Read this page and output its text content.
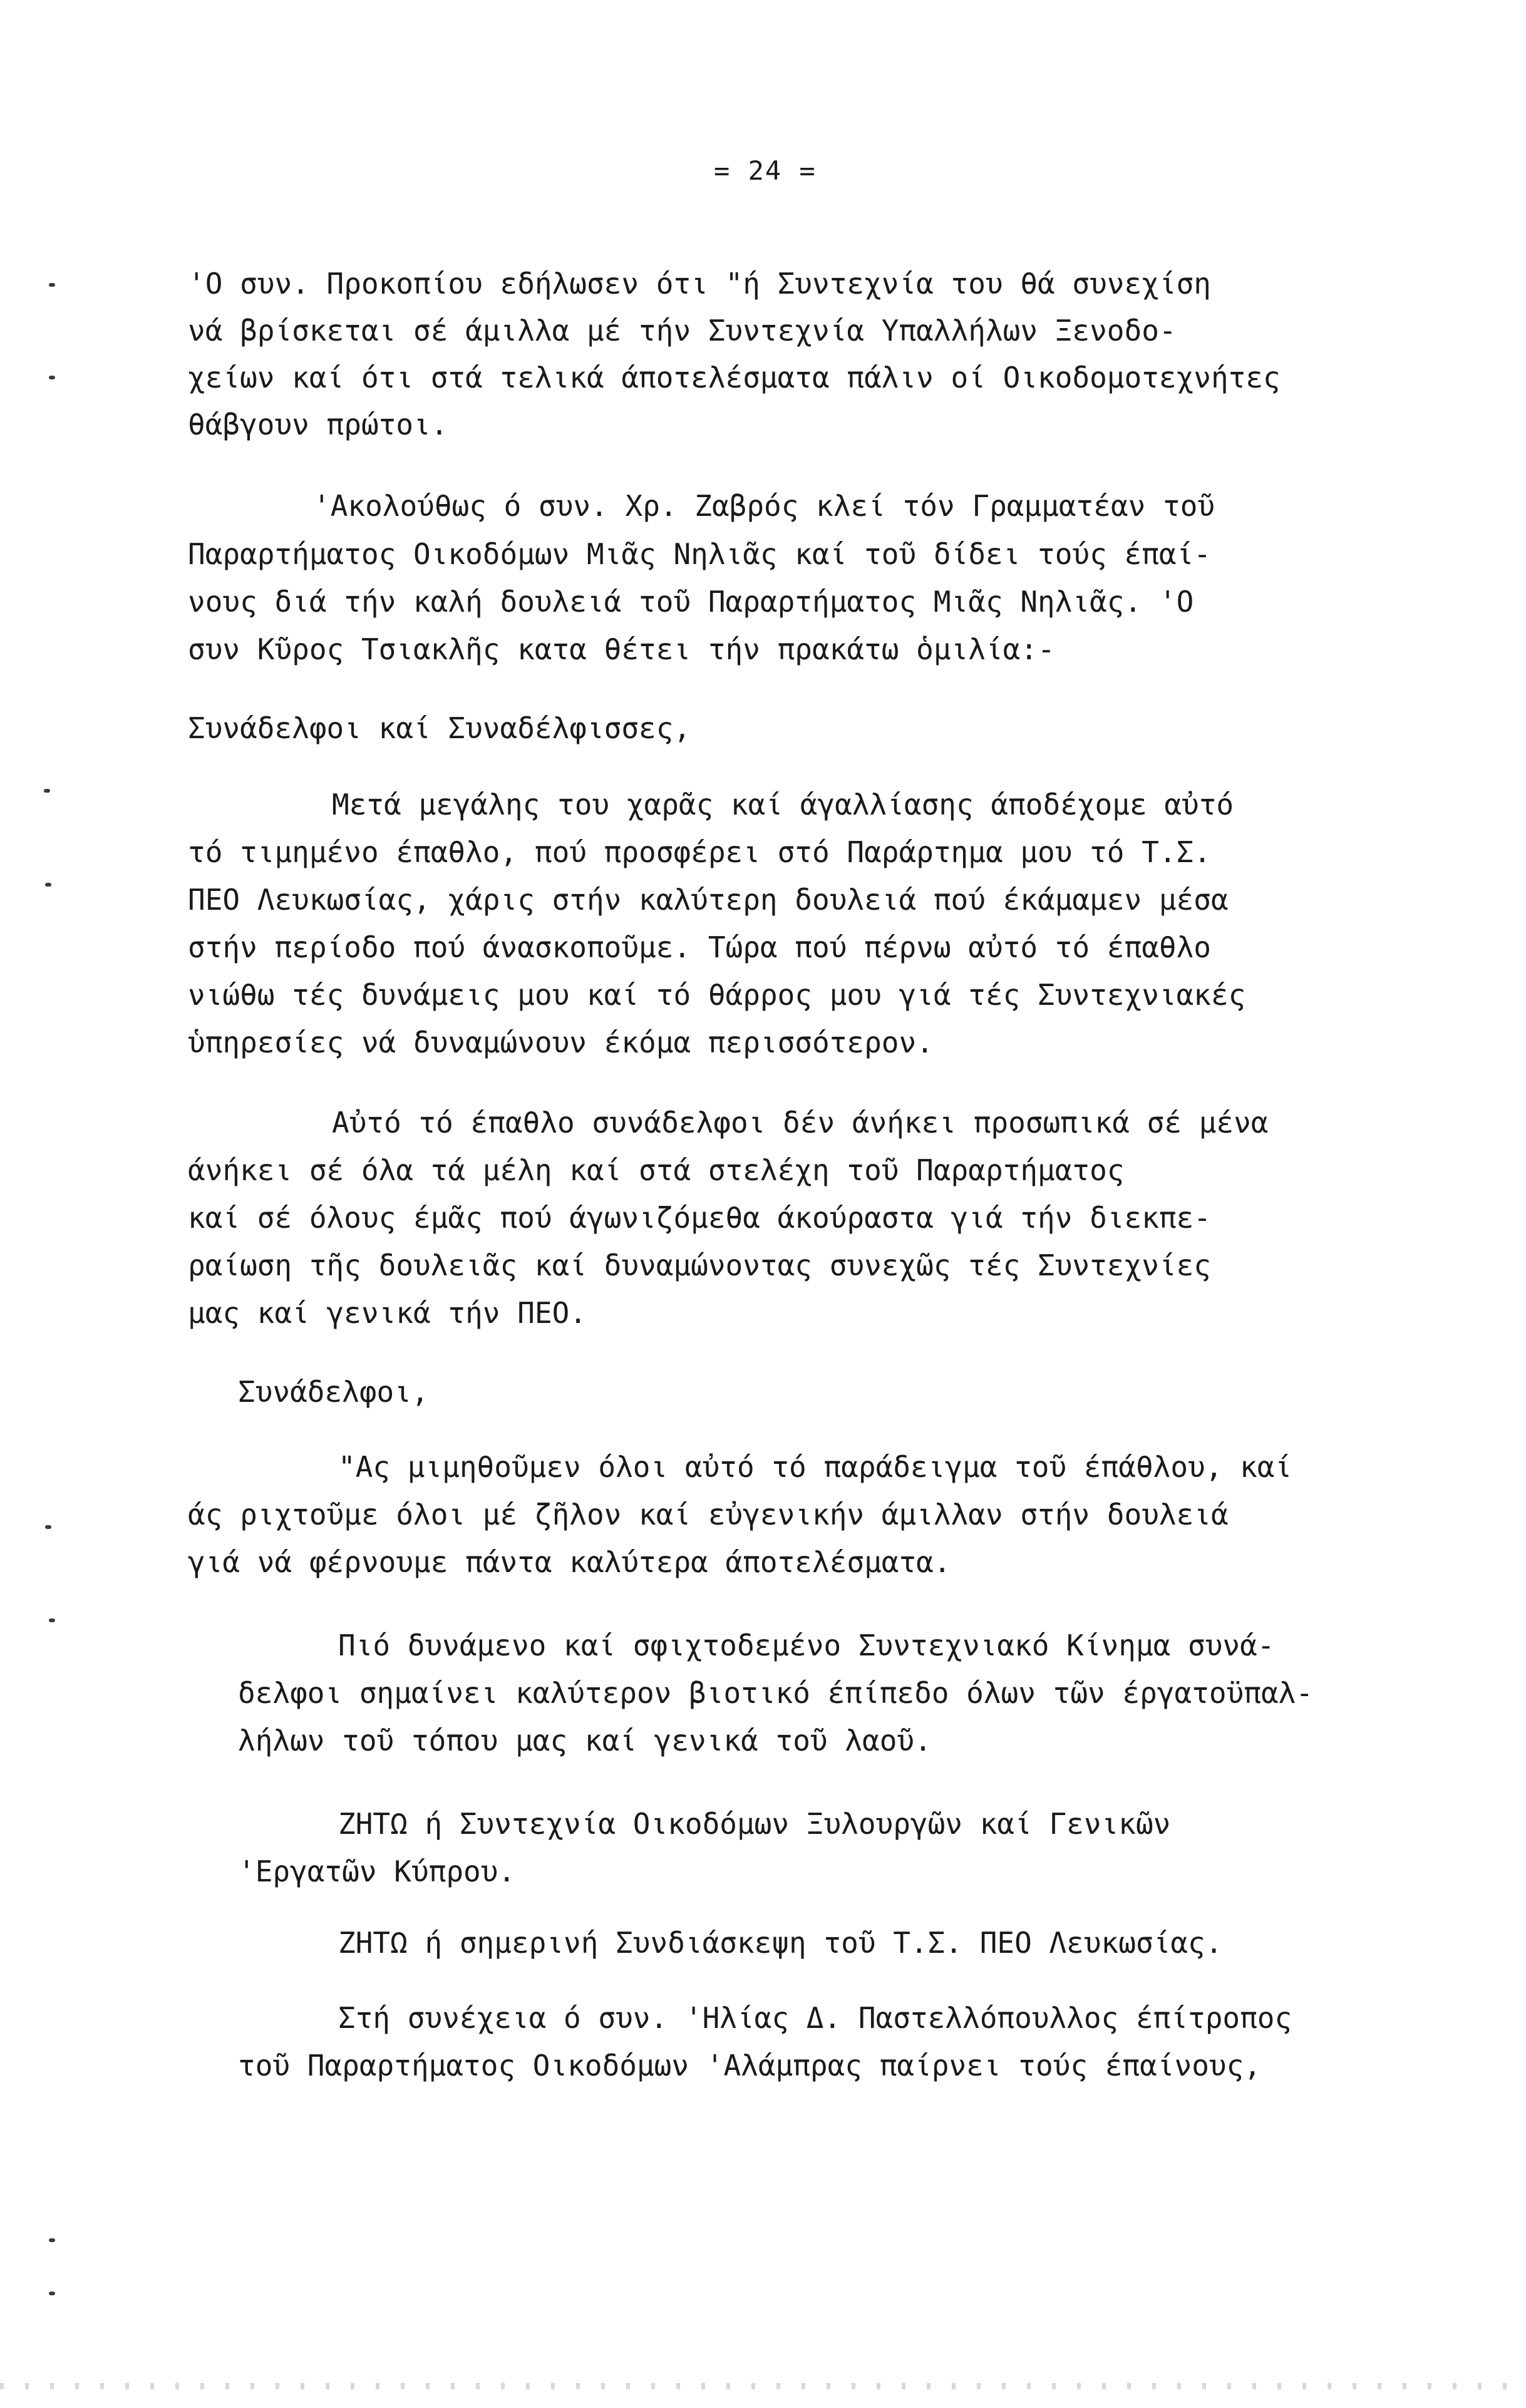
= 24 =
'Ο συν. Προκοπίου εδήλωσεν ότι "ή Συντεχνία του θά συνεχίση
νά βρίσκεται σέ άμιλλα μέ τήν Συντεχνία Υπαλλήλων Ξενοδο-
χείων καί ότι στά τελικά άποτελέσματα πάλιν οί Οικοδομοτεχνήτες
θάβγουν πρώτοι.
'Ακολούθως ό συν. Χρ. Ζαβρός κλεί τόν Γραμματέαν τοῦ
Παραρτήματος Οικοδόμων Μιᾶς Νηλιᾶς καί τοῦ δίδει τούς έπαί-
νους διά τήν καλή δουλειά τοῦ Παραρτήματος Μιᾶς Νηλιᾶς. 'Ο
συν Κῦρος Τσιακλῆς κατα θέτει τήν πρακάτω ὁμιλία:-
Συνάδελφοι καί Συναδέλφισσες,
Μετά μεγάλης του χαρᾶς καί άγαλλίασης άποδέχομε αὐτό
τό τιμημένο έπαθλο, πού προσφέρει στό Παράρτημα μου τό Τ.Σ.
ΠΕΟ Λευκωσίας, χάρις στήν καλύτερη δουλειά πού έκάμαμεν μέσα
στήν περίοδο πού άνασκοποῦμε. Τώρα πού πέρνω αὐτό τό έπαθλο
νιώθω τές δυνάμεις μου καί τό θάρρος μου γιά τές Συντεχνιακές
ὑπηρεσίες νά δυναμώνουν έκόμα περισσότερον.
Αὐτό τό έπαθλο συνάδελφοι δέν άνήκει προσωπικά σέ μένα
άνήκει σέ όλα τά μέλη καί στά στελέχη τοῦ Παραρτήματος
καί σέ όλους έμᾶς πού άγωνιζόμεθα άκούραστα γιά τήν διεκπε-
ραίωση τῆς δουλειᾶς καί δυναμώνοντας συνεχῶς τές Συντεχνίες
μας καί γενικά τήν ΠΕΟ.
Συνάδελφοι,
"Ας μιμηθοῦμεν όλοι αὐτό τό παράδειγμα τοῦ έπάθλου, καί
άς ριχτοῦμε όλοι μέ ζῆλον καί εὐγενικήν άμιλλαν στήν δουλειά
γιά νά φέρνουμε πάντα καλύτερα άποτελέσματα.
Πιό δυνάμενο καί σφιχτοδεμένο Συντεχνιακό Κίνημα συνά-
δελφοι σημαίνει καλύτερον βιοτικό έπίπεδο όλων τῶν έργατοϋπαλ-
λήλων τοῦ τόπου μας καί γενικά τοῦ λαοῦ.
ΖΗΤΩ ή Συντεχνία Οικοδόμων Ξυλουργῶν καί Γενικῶν
'Εργατῶν Κύπρου.
ΖΗΤΩ ή σημερινή Συνδιάσκεψη τοῦ Τ.Σ. ΠΕΟ Λευκωσίας.
Στή συνέχεια ό συν. 'Ηλίας Δ. Παστελλόπουλλος έπίτροπος
τοῦ Παραρτήματος Οικοδόμων 'Αλάμπρας παίρνει τούς έπαίνους,
